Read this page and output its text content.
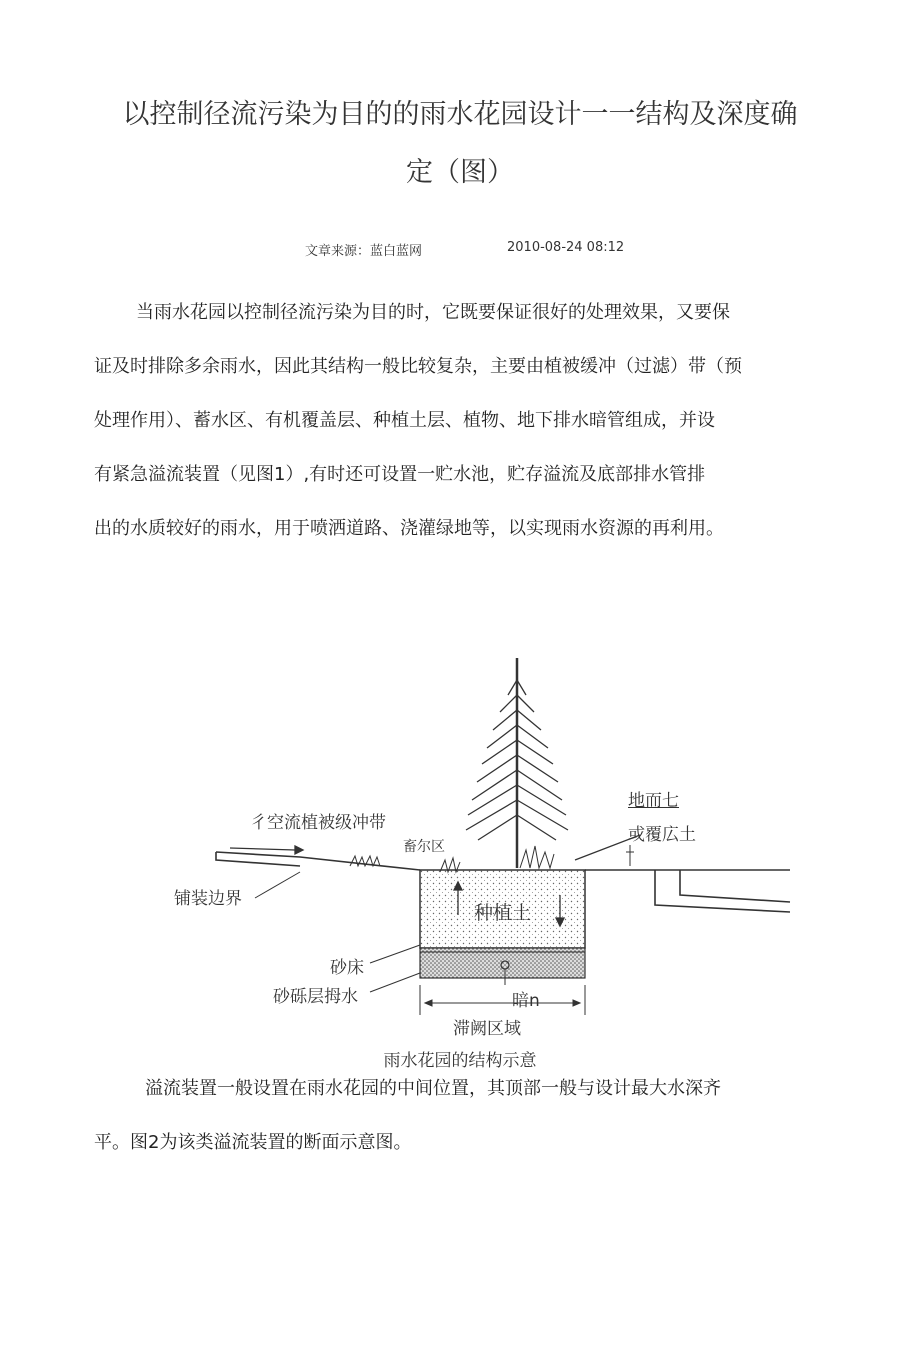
以控制径流污染为目的的雨水花园设计一一结构及深度确
定（图）
文章来源：蓝白蓝网	2010-08-24 08:12
当雨水花园以控制径流污染为目的时，它既要保证很好的处理效果，又要保
证及时排除多余雨水，因此其结构一般比较复杂，主要由植被缓冲（过滤）带（预
处理作用）、蓄水区、有机覆盖层、种植土层、植物、地下排水暗管组成，并设
有紧急溢流装置（见图1）,有时还可设置一贮水池，贮存溢流及底部排水管排
出的水质较好的雨水，用于喷洒道路、浇灌绿地等，以实现雨水资源的再利用。
彳空流植被级冲带
畜尔区
铺装边界
种植土
砂床
砂砾层拇水	暗n
滞阙区域
地而七
或覆広土
雨水花园的结构示意
溢流装置一般设置在雨水花园的中间位置，其顶部一般与设计最大水深齐
平。图2为该类溢流装置的断面示意图。
